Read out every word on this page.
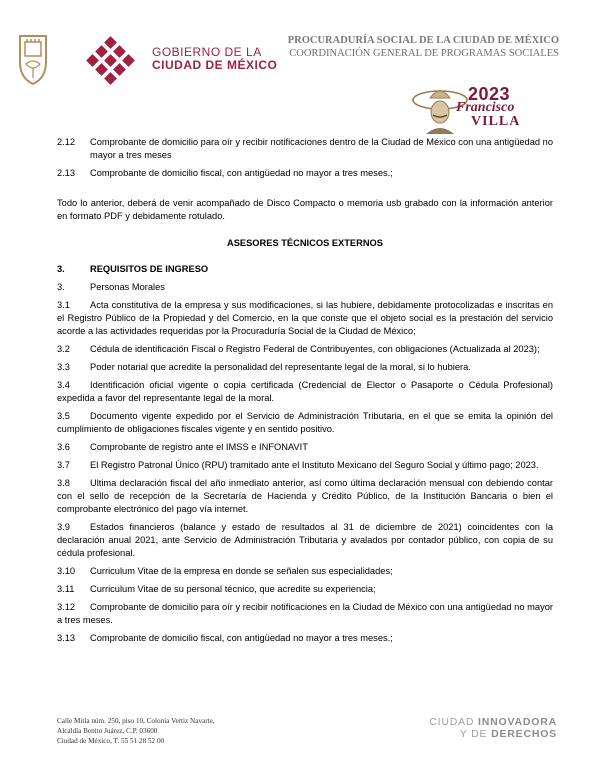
GOBIERNO DE LA
CIUDAD DE MÉXICO
PROCURADURÍA SOCIAL DE LA CIUDAD DE MÉXICO
COORDINACIÓN GENERAL DE PROGRAMAS SOCIALES
2023
Francisco
VILLA
2.12	Comprobante de domicilio para oír y recibir notificaciones dentro de la Ciudad de México con una antigüedad no mayor a tres meses
2.13	Comprobante de domicilio fiscal, con antigüedad no mayor a tres meses.;

Todo lo anterior, deberá de venir acompañado de Disco Compacto o memoria usb grabado con la información anterior en formato PDF y debidamente rotulado.

ASESORES TÉCNICOS EXTERNOS
3.	REQUISITOS DE INGRESO
3.	Personas Morales
3.1 Acta constitutiva de la empresa y sus modificaciones, si las hubiere, debidamente protocolizadas e inscritas en el Registro Público de la Propiedad y del Comercio, en la que conste que el objeto social es la prestación del servicio acorde a las actividades requeridas por la Procuraduría Social de la Ciudad de México;
3.2 Cédula de identificación Fiscal o Registro Federal de Contribuyentes, con obligaciones (Actualizada al 2023);
3.3 Poder notarial que acredite la personalidad del representante legal de la moral, si lo hubiera.
3.4 Identificación oficial vigente o copia certificada (Credencial de Elector o Pasaporte o Cédula Profesional) expedida a favor del representante legal de la moral.
3.5 Documento vigente expedido por el Servicio de Administración Tributaria, en el que se emita la opinión del cumplimiento de obligaciones fiscales vigente y en sentido positivo.
3.6 Comprobante de registro ante el IMSS e INFONAVIT
3.7 El Registro Patronal Único (RPU) tramitado ante el Instituto Mexicano del Seguro Social y último pago; 2023.
3.8 Ultima declaración fiscal del año inmediato anterior, así como última declaración mensual con debiendo contar con el sello de recepción de la Secretaría de Hacienda y Crédito Público, de la Institución Bancaria o bien el comprobante electrónico del pago vía internet.
3.9 Estados financieros (balance y estado de resultados al 31 de diciembre de 2021) coincidentes con la declaración anual 2021, ante Servicio de Administración Tributaria y avalados por contador público, con copia de su cédula profesional.
3.10 Curriculum Vitae de la empresa en donde se señalen sus especialidades;
3.11 Curriculum Vitae de su personal técnico, que acredite su experiencia;
3.12 Comprobante de domicilio para oír y recibir notificaciones en la Ciudad de México con una antigüedad no mayor a tres meses.
3.13 Comprobante de domicilio fiscal, con antigüedad no mayor a tres meses.;
Calle Mitla núm. 250, piso 10, Colonia Vertiz Navarte,
Alcaldía Benito Juárez, C.P. 03600
Ciudad de México, T. 55 51 28 52 00
CIUDAD INNOVADORA
Y DE DERECHOS
